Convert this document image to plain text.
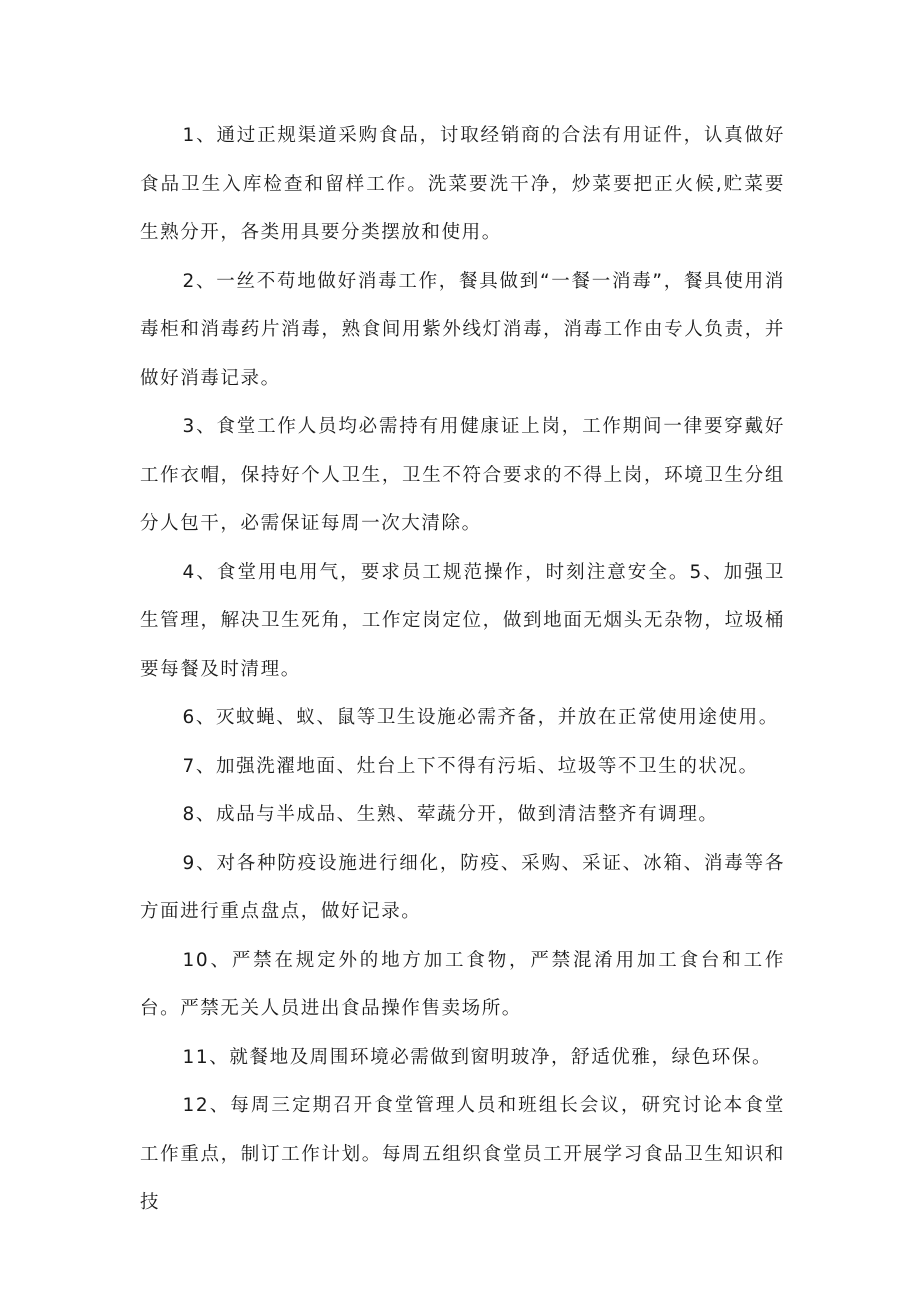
1、通过正规渠道采购食品，讨取经销商的合法有用证件，认真做好食品卫生入库检查和留样工作。洗菜要洗干净，炒菜要把正火候,贮菜要生熟分开，各类用具要分类摆放和使用。

2、一丝不苟地做好消毒工作，餐具做到“一餐一消毒”，餐具使用消毒柜和消毒药片消毒，熟食间用紫外线灯消毒，消毒工作由专人负责，并做好消毒记录。

3、食堂工作人员均必需持有用健康证上岗，工作期间一律要穿戴好工作衣帽，保持好个人卫生，卫生不符合要求的不得上岗，环境卫生分组分人包干，必需保证每周一次大清除。

4、食堂用电用气，要求员工规范操作，时刻注意安全。5、加强卫生管理，解决卫生死角，工作定岗定位，做到地面无烟头无杂物，垃圾桶要每餐及时清理。

6、灭蚊蝇、蚁、鼠等卫生设施必需齐备，并放在正常使用途使用。

7、加强洗濯地面、灶台上下不得有污垢、垃圾等不卫生的状况。

8、成品与半成品、生熟、荤蔬分开，做到清洁整齐有调理。

9、对各种防疫设施进行细化，防疫、采购、采证、冰箱、消毒等各方面进行重点盘点，做好记录。

10、严禁在规定外的地方加工食物，严禁混淆用加工食台和工作台。严禁无关人员进出食品操作售卖场所。

11、就餐地及周围环境必需做到窗明玻净，舒适优雅，绿色环保。

12、每周三定期召开食堂管理人员和班组长会议，研究讨论本食堂工作重点，制订工作计划。每周五组织食堂员工开展学习食品卫生知识和技
